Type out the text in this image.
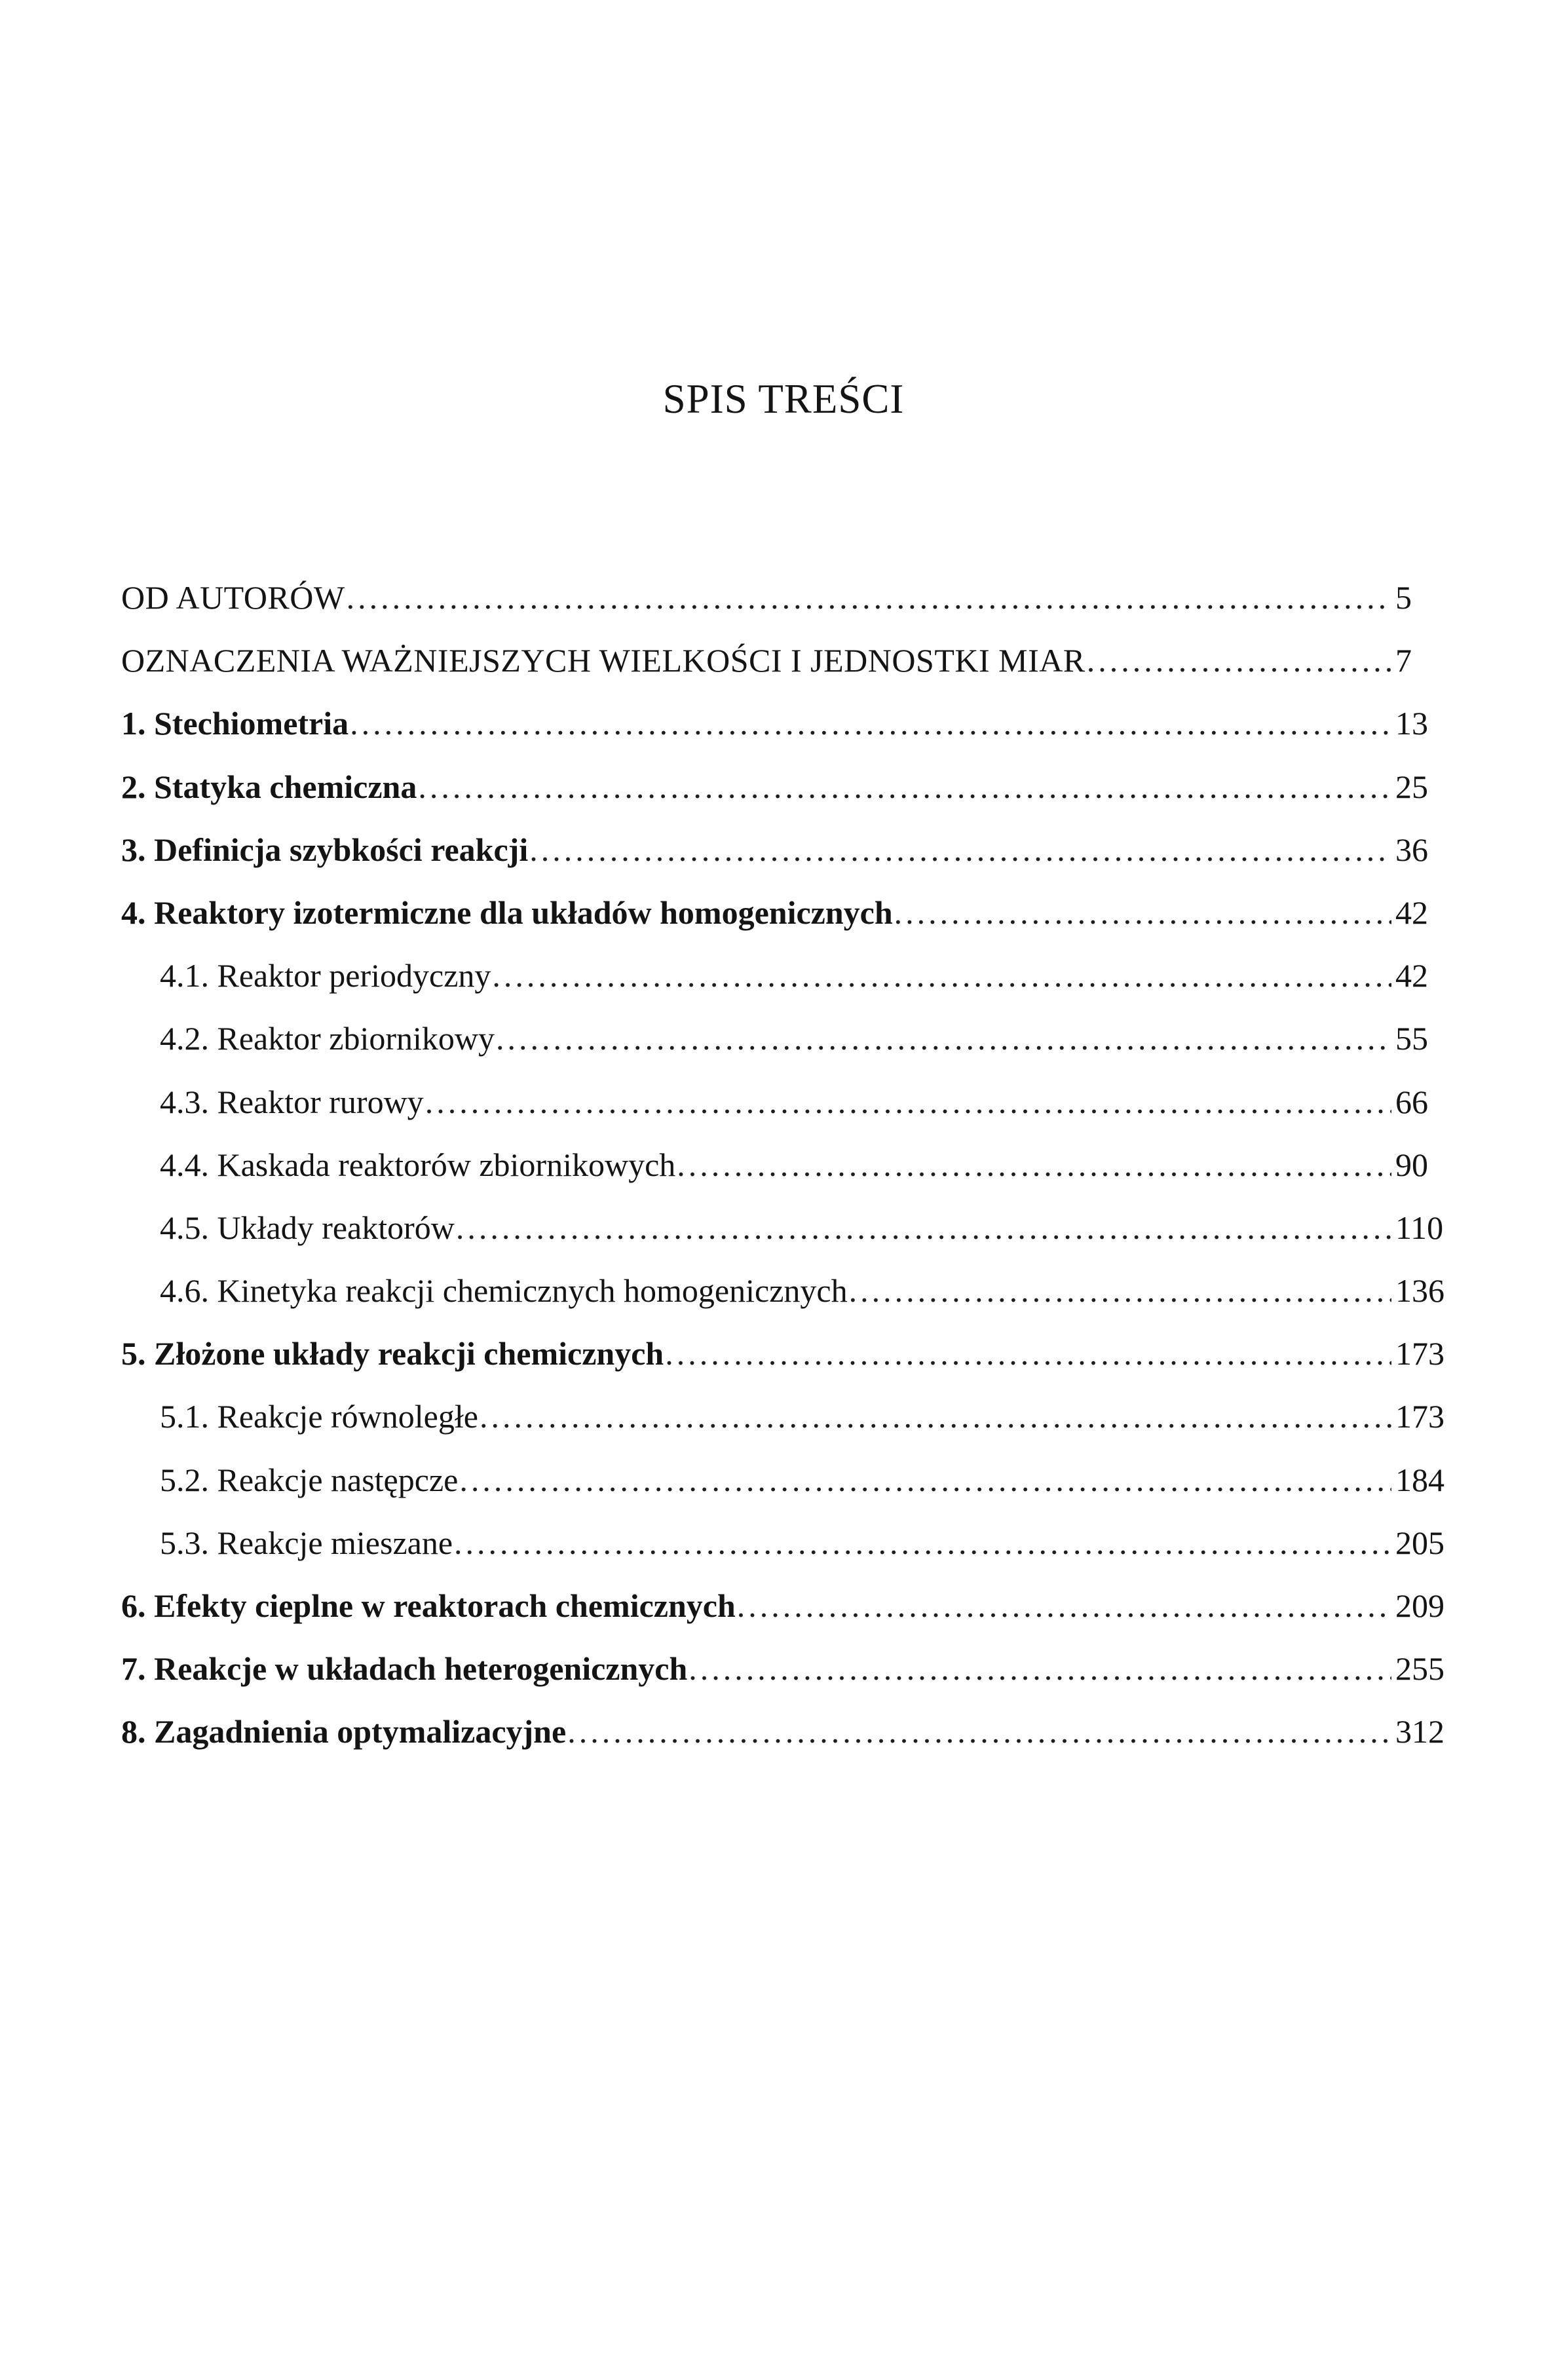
SPIS TREŚCI
OD AUTORÓW .....	5
OZNACZENIA WAŻNIEJSZYCH WIELKOŚCI I JEDNOSTKI MIAR .....	7
1. Stechiometria .....	13
2. Statyka chemiczna .....	25
3. Definicja szybkości reakcji .....	36
4. Reaktory izotermiczne dla układów homogenicznych .....	42
4.1. Reaktor periodyczny .....	42
4.2. Reaktor zbiornikowy .....	55
4.3. Reaktor rurowy .....	66
4.4. Kaskada reaktorów zbiornikowych .....	90
4.5. Układy reaktorów .....	110
4.6. Kinetyka reakcji chemicznych homogenicznych .....	136
5. Złożone układy reakcji chemicznych .....	173
5.1. Reakcje równoległe .....	173
5.2. Reakcje następcze .....	184
5.3. Reakcje mieszane .....	205
6. Efekty cieplne w reaktorach chemicznych .....	209
7. Reakcje w układach heterogenicznych .....	255
8. Zagadnienia optymalizacyjne .....	312
